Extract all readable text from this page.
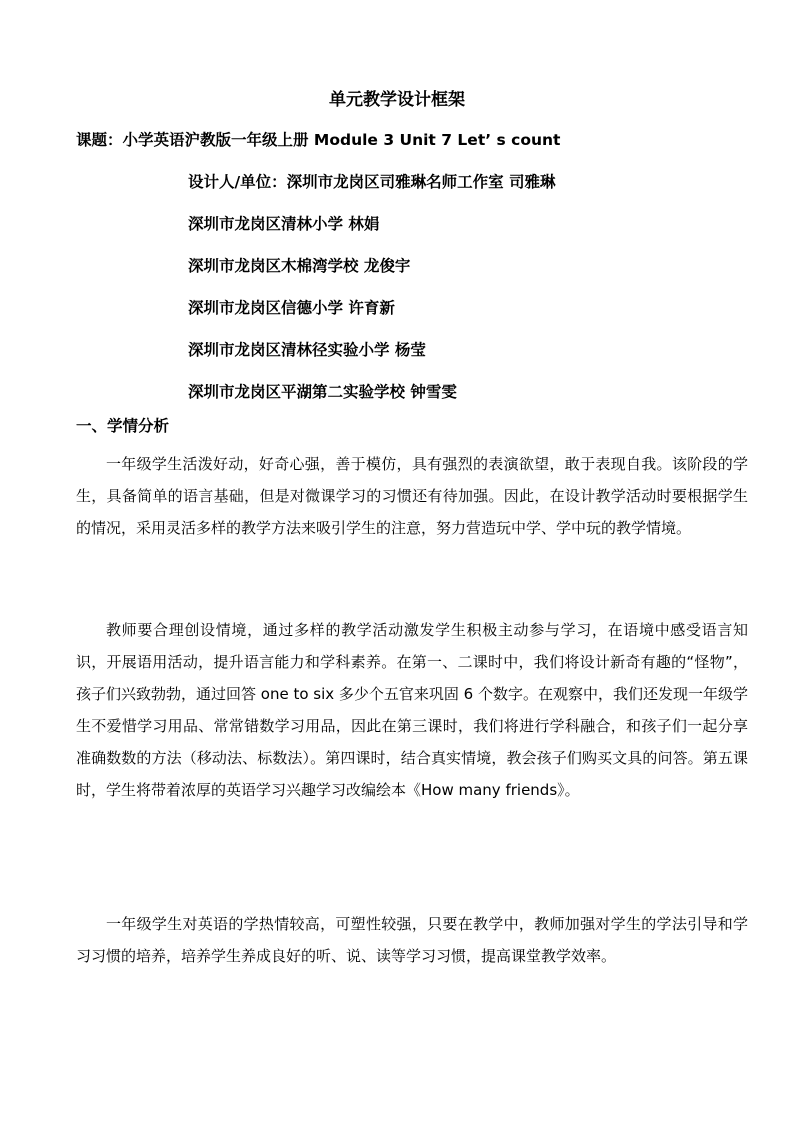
单元教学设计框架
课题：小学英语沪教版一年级上册 Module 3 Unit 7 Let’ s count
设计人/单位：深圳市龙岗区司雅琳名师工作室 司雅琳
深圳市龙岗区清林小学 林娟
深圳市龙岗区木棉湾学校 龙俊宇
深圳市龙岗区信德小学 许育新
深圳市龙岗区清林径实验小学 杨莹
深圳市龙岗区平湖第二实验学校 钟雪雯
一、学情分析

一年级学生活泼好动，好奇心强，善于模仿，具有强烈的表演欲望，敢于表现自我。该阶段的学生，具备简单的语言基础，但是对微课学习的习惯还有待加强。因此，在设计教学活动时要根据学生的情况，采用灵活多样的教学方法来吸引学生的注意，努力营造玩中学、学中玩的教学情境。

教师要合理创设情境，通过多样的教学活动激发学生积极主动参与学习，在语境中感受语言知识，开展语用活动，提升语言能力和学科素养。在第一、二课时中，我们将设计新奇有趣的“怪物”，孩子们兴致勃勃，通过回答 one to six 多少个五官来巩固 6 个数字。在观察中，我们还发现一年级学生不爱惜学习用品、常常错数学习用品，因此在第三课时，我们将进行学科融合，和孩子们一起分享准确数数的方法（移动法、标数法）。第四课时，结合真实情境，教会孩子们购买文具的问答。第五课时，学生将带着浓厚的英语学习兴趣学习改编绘本《How many friends》。

一年级学生对英语的学热情较高，可塑性较强，只要在教学中，教师加强对学生的学法引导和学习习惯的培养，培养学生养成良好的听、说、读等学习习惯，提高课堂教学效率。
